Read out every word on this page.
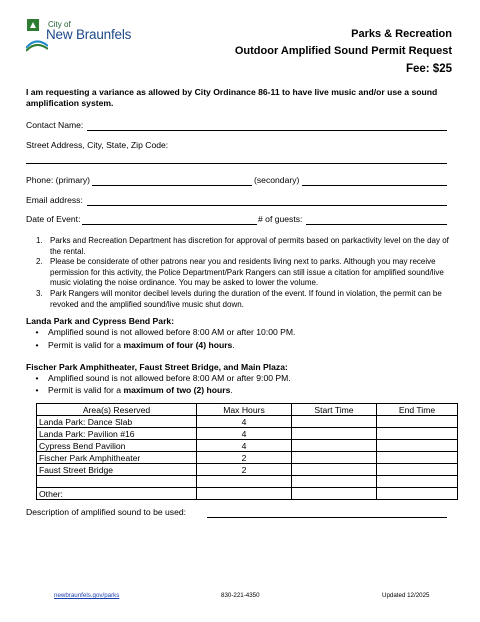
City of
New Braunfels	Parks & Recreation
Outdoor Amplified Sound Permit Request
Fee: $25
I am requesting a variance as allowed by City Ordinance 86-11 to have live music and/or use a sound amplification system.
Contact Name:
Street Address, City, State, Zip Code:
Phone: (primary)	(secondary)
Email address:
Date of Event:	# of guests:
1. Parks and Recreation Department has discretion for approval of permits based on parkactivity level on the day of the rental.
2. Please be considerate of other patrons near you and residents living next to parks. Although you may receive permission for this activity, the Police Department/Park Rangers can still issue a citation for amplified sound/live music violating the noise ordinance. You may be asked to lower the volume.
3. Park Rangers will monitor decibel levels during the duration of the event. If found in violation, the permit can be revoked and the amplified sound/live music shut down.
Landa Park and Cypress Bend Park:
• Amplified sound is not allowed before 8:00 AM or after 10:00 PM.
• Permit is valid for a maximum of four (4) hours.
Fischer Park Amphitheater, Faust Street Bridge, and Main Plaza:
• Amplified sound is not allowed before 8:00 AM or after 9:00 PM.
• Permit is valid for a maximum of two (2) hours.
Area(s) Reserved	Max Hours	Start Time	End Time
Landa Park: Dance Slab	4		
Landa Park: Pavilion #16	4		
Cypress Bend Pavilion	4		
Fischer Park Amphitheater	2		
Faust Street Bridge	2		

Other:			
Description of amplified sound to be used:
newbraunfels.gov/parks	830-221-4350	Updated 12/2025
